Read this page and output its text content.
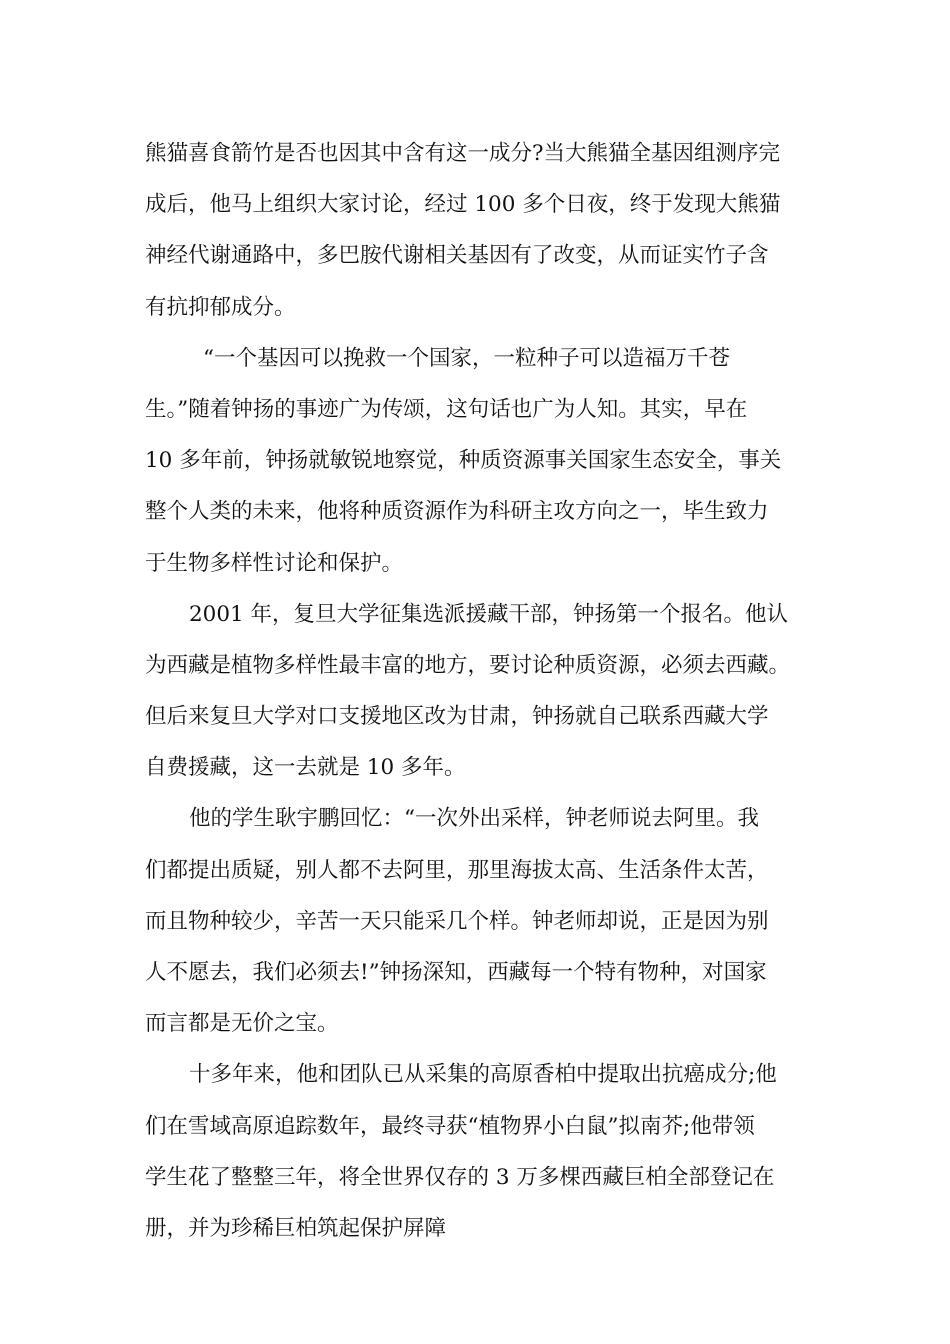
熊猫喜食箭竹是否也因其中含有这一成分?当大熊猫全基因组测序完
成后，他马上组织大家讨论，经过 100 多个日夜，终于发现大熊猫
神经代谢通路中，多巴胺代谢相关基因有了改变，从而证实竹子含
有抗抑郁成分。
“一个基因可以挽救一个国家，一粒种子可以造福万千苍
生。”随着钟扬的事迹广为传颂，这句话也广为人知。其实，早在
10 多年前，钟扬就敏锐地察觉，种质资源事关国家生态安全，事关
整个人类的未来，他将种质资源作为科研主攻方向之一，毕生致力
于生物多样性讨论和保护。
2001 年，复旦大学征集选派援藏干部，钟扬第一个报名。他认
为西藏是植物多样性最丰富的地方，要讨论种质资源，必须去西藏。
但后来复旦大学对口支援地区改为甘肃，钟扬就自己联系西藏大学
自费援藏，这一去就是 10 多年。
他的学生耿宇鹏回忆：“一次外出采样，钟老师说去阿里。我
们都提出质疑，别人都不去阿里，那里海拔太高、生活条件太苦，
而且物种较少，辛苦一天只能采几个样。钟老师却说，正是因为别
人不愿去，我们必须去!”钟扬深知，西藏每一个特有物种，对国家
而言都是无价之宝。
十多年来，他和团队已从采集的高原香柏中提取出抗癌成分;他
们在雪域高原追踪数年，最终寻获“植物界小白鼠”拟南芥;他带领
学生花了整整三年，将全世界仅存的 3 万多棵西藏巨柏全部登记在
册，并为珍稀巨柏筑起保护屏障
